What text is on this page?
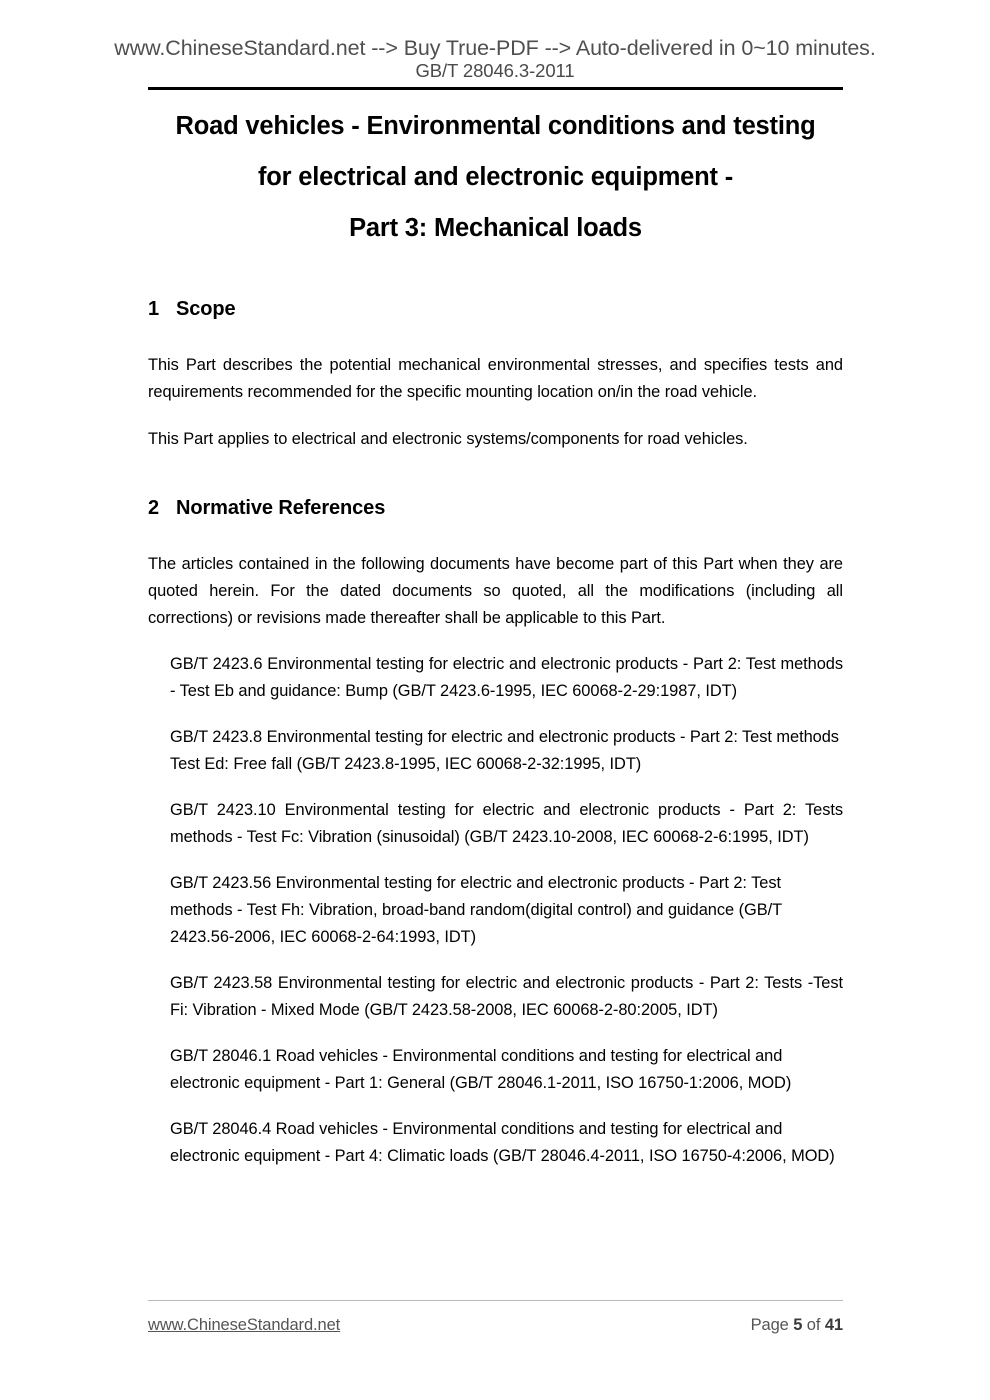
www.ChineseStandard.net --> Buy True-PDF --> Auto-delivered in 0~10 minutes.
GB/T 28046.3-2011
Road vehicles - Environmental conditions and testing
for electrical and electronic equipment -
Part 3: Mechanical loads
1 Scope

This Part describes the potential mechanical environmental stresses, and specifies tests and requirements recommended for the specific mounting location on/in the road vehicle.

This Part applies to electrical and electronic systems/components for road vehicles.

2 Normative References

The articles contained in the following documents have become part of this Part when they are quoted herein. For the dated documents so quoted, all the modifications (including all corrections) or revisions made thereafter shall be applicable to this Part.

GB/T 2423.6 Environmental testing for electric and electronic products - Part 2: Test methods - Test Eb and guidance: Bump (GB/T 2423.6-1995, IEC 60068-2-29:1987, IDT)

GB/T 2423.8 Environmental testing for electric and electronic products - Part 2: Test methods Test Ed: Free fall (GB/T 2423.8-1995, IEC 60068-2-32:1995, IDT)

GB/T 2423.10 Environmental testing for electric and electronic products - Part 2: Tests methods - Test Fc: Vibration (sinusoidal) (GB/T 2423.10-2008, IEC 60068-2-6:1995, IDT)

GB/T 2423.56 Environmental testing for electric and electronic products - Part 2: Test methods - Test Fh: Vibration, broad-band random(digital control) and guidance (GB/T 2423.56-2006, IEC 60068-2-64:1993, IDT)

GB/T 2423.58 Environmental testing for electric and electronic products - Part 2: Tests -Test Fi: Vibration - Mixed Mode (GB/T 2423.58-2008, IEC 60068-2-80:2005, IDT)

GB/T 28046.1 Road vehicles - Environmental conditions and testing for electrical and electronic equipment - Part 1: General (GB/T 28046.1-2011, ISO 16750-1:2006, MOD)

GB/T 28046.4 Road vehicles - Environmental conditions and testing for electrical and electronic equipment - Part 4: Climatic loads (GB/T 28046.4-2011, ISO 16750-4:2006, MOD)

www.ChineseStandard.net	Page 5 of 41
